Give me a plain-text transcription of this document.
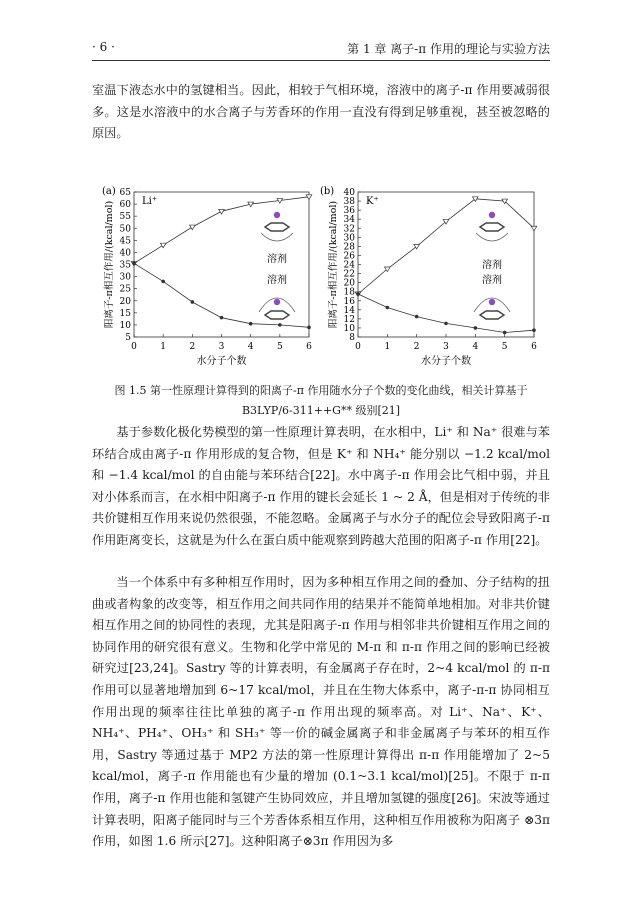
· 6 ·	第 1 章 离子-π 作用的理论与实验方法
室温下液态水中的氢键相当。因此，相较于气相环境，溶液中的离子-π 作用要减弱很多。这是水溶液中的水合离子与芳香环的作用一直没有得到足够重视，甚至被忽略的原因。
(a)
5
10
15
20
25
30
35
40
45
50
55
60
65
0	1	2	3	4	5	6
Li⁺
水分子个数
阳离子-π相互作用/(kcal/mol)	溶剂
溶剂
(b)
8
10
12
14
16
18
20
22
24
26
28
30
32
34
36
38
40
0	1	2	3	4	5	6
K⁺
水分子个数
阳离子-π相互作用/(kcal/mol)	溶剂
溶剂
图 1.5 第一性原理计算得到的阳离子-π 作用随水分子个数的变化曲线，相关计算基于
B3LYP/6-311++G** 级别[21]
基于参数化极化势模型的第一性原理计算表明，在水相中，Li⁺ 和 Na⁺ 很难与苯环结合成由离子-π 作用形成的复合物，但是 K⁺ 和 NH₄⁺ 能分别以 −1.2 kcal/mol 和 −1.4 kcal/mol 的自由能与苯环结合[22]。水中离子-π 作用会比气相中弱，并且对小体系而言，在水相中阳离子-π 作用的键长会延长 1 ~ 2 Å，但是相对于传统的非共价键相互作用来说仍然很强，不能忽略。金属离子与水分子的配位会导致阳离子-π 作用距离变长，这就是为什么在蛋白质中能观察到跨越大范围的阳离子-π 作用[22]。
当一个体系中有多种相互作用时，因为多种相互作用之间的叠加、分子结构的扭曲或者构象的改变等，相互作用之间共同作用的结果并不能简单地相加。对非共价键相互作用之间的协同性的表现，尤其是阳离子-π 作用与相邻非共价键相互作用之间的协同作用的研究很有意义。生物和化学中常见的 M-π 和 π-π 作用之间的影响已经被研究过[23,24]。Sastry 等的计算表明，有金属离子存在时，2~4 kcal/mol 的 π-π 作用可以显著地增加到 6~17 kcal/mol，并且在生物大体系中，离子-π-π 协同相互作用出现的频率往往比单独的离子-π 作用出现的频率高。对 Li⁺、Na⁺、K⁺、NH₄⁺、PH₄⁺、OH₃⁺ 和 SH₃⁺ 等一价的碱金属离子和非金属离子与苯环的相互作用，Sastry 等通过基于 MP2 方法的第一性原理计算得出 π-π 作用能增加了 2~5 kcal/mol，离子-π 作用能也有少量的增加 (0.1~3.1 kcal/mol)[25]。不限于 π-π 作用，离子-π 作用也能和氢键产生协同效应，并且增加氢键的强度[26]。宋波等通过计算表明，阳离子能同时与三个芳香体系相互作用，这种相互作用被称为阳离子 ⊗3π 作用，如图 1.6 所示[27]。这种阳离子⊗3π 作用因为多
